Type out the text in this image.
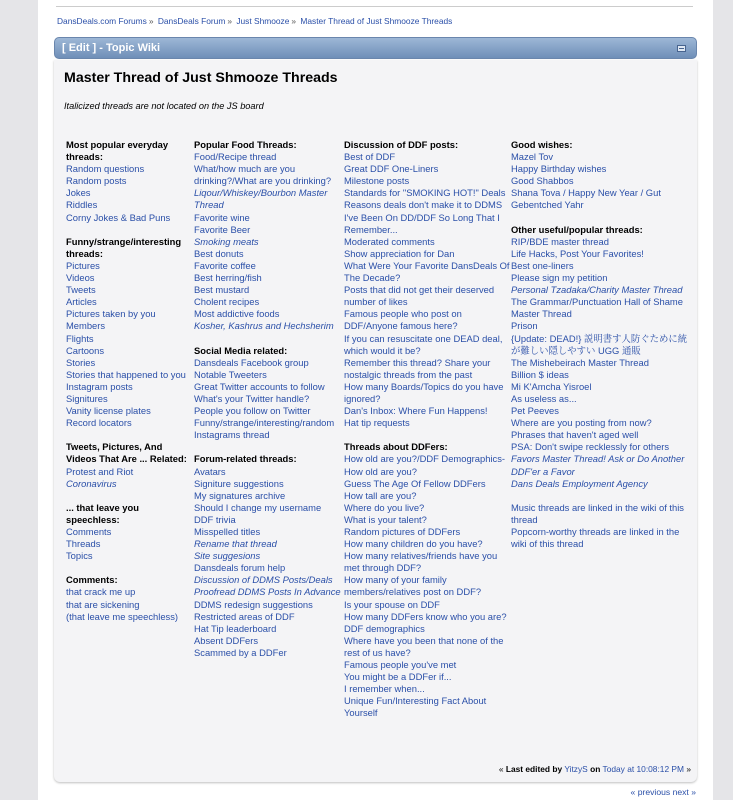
DansDeals.com Forums » DansDeals Forum » Just Shmooze » Master Thread of Just Shmooze Threads
[ Edit ] - Topic Wiki
Master Thread of Just Shmooze Threads
Italicized threads are not located on the JS board
Most popular everyday threads:
Random questions
Random posts
Jokes
Riddles
Corny Jokes & Bad Puns
Funny/strange/interesting threads:
Pictures
Videos
Tweets
Articles
Pictures taken by you
Members
Flights
Cartoons
Stories
Stories that happened to you
Instagram posts
Signitures
Vanity license plates
Record locators
Tweets, Pictures, And Videos That Are ... Related:
Protest and Riot
Coronavirus
... that leave you speechless:
Comments
Threads
Topics
Comments:
that crack me up
that are sickening
(that leave me speechless)
Popular Food Threads:
Food/Recipe thread
What/how much are you drinking?/What are you drinking?
Liqour/Whiskey/Bourbon Master Thread
Favorite wine
Favorite Beer
Smoking meats
Best donuts
Favorite coffee
Best herring/fish
Best mustard
Cholent recipes
Most addictive foods
Kosher, Kashrus and Hechsherim
Social Media related:
Dansdeals Facebook group
Notable Tweeters
Great Twitter accounts to follow
What's your Twitter handle?
People you follow on Twitter
Funny/strange/interesting/random Instagrams thread
Forum-related threads:
Avatars
Signiture suggestions
My signatures archive
Should I change my username
DDF trivia
Misspelled titles
Rename that thread
Site suggesions
Dansdeals forum help
Discussion of DDMS Posts/Deals
Proofread DDMS Posts In Advance
DDMS redesign suggestions
Restricted areas of DDF
Hat Tip leaderboard
Absent DDFers
Scammed by a DDFer
Discussion of DDF posts:
Best of DDF
Great DDF One-Liners
Milestone posts
Standards for "SMOKING HOT!" Deals
Reasons deals don't make it to DDMS
I've Been On DD/DDF So Long That I Remember...
Moderated comments
Show appreciation for Dan
What Were Your Favorite DansDeals Of The Decade?
Posts that did not get their deserved number of likes
Famous people who post on DDF/Anyone famous here?
If you can resuscitate one DEAD deal, which would it be?
Remember this thread? Share your nostalgic threads from the past
How many Boards/Topics do you have ignored?
Dan's Inbox: Where Fun Happens!
Hat tip requests
Threads about DDFers:
How old are you?/DDF Demographics-
How old are you?
Guess The Age Of Fellow DDFers
How tall are you?
Where do you live?
What is your talent?
Random pictures of DDFers
How many children do you have?
How many relatives/friends have you met through DDF?
How many of your family members/relatives post on DDF?
Is your spouse on DDF
How many DDFers know who you are? DDF demographics
Where have you been that none of the rest of us have?
Famous people you've met
You might be a DDFer if...
I remember when...
Unique Fun/Interesting Fact About Yourself
Good wishes:
Mazel Tov
Happy Birthday wishes
Good Shabbos
Shana Tova / Happy New Year / Gut Gebentched Yahr
Other useful/popular threads:
RIP/BDE master thread
Life Hacks, Post Your Favorites!
Best one-liners
Please sign my petition
Personal Tzadaka/Charity Master Thread
The Grammar/Punctuation Hall of Shame Master Thread
Prison
{Update: DEAD!} 説明書す人防ぐために統が難しい隠しやすい UGG 通販
The Mishebeirach Master Thread
Billion $ ideas
Mi K'Amcha Yisroel
As useless as...
Pet Peeves
Where are you posting from now?
Phrases that haven't aged well
PSA: Don't swipe recklessly for others
Favors Master Thread! Ask or Do Another DDF'er a Favor
Dans Deals Employment Agency
Music threads are linked in the wiki of this thread
Popcorn-worthy threads are linked in the wiki of this thread
« Last edited by YitzyS on Today at 10:08:12 PM »
« previous next »
